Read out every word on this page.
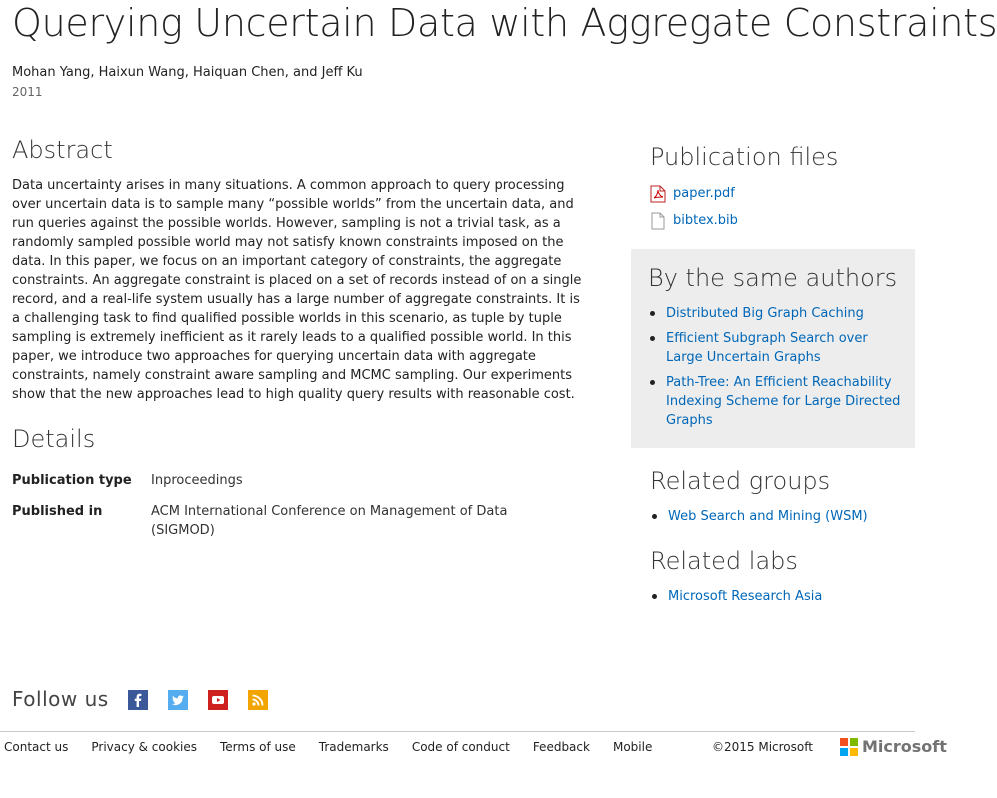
Querying Uncertain Data with Aggregate Constraints
Mohan Yang, Haixun Wang, Haiquan Chen, and Jeff Ku
2011
Abstract

Data uncertainty arises in many situations. A common approach to query processing over uncertain data is to sample many “possible worlds” from the uncertain data, and run queries against the possible worlds. However, sampling is not a trivial task, as a randomly sampled possible world may not satisfy known constraints imposed on the data. In this paper, we focus on an important category of constraints, the aggregate constraints. An aggregate constraint is placed on a set of records instead of on a single record, and a real-life system usually has a large number of aggregate constraints. It is a challenging task to find qualified possible worlds in this scenario, as tuple by tuple sampling is extremely inefficient as it rarely leads to a qualified possible world. In this paper, we introduce two approaches for querying uncertain data with aggregate constraints, namely constraint aware sampling and MCMC sampling. Our experiments show that the new approaches lead to high quality query results with reasonable cost.

Details
Publication type	Inproceedings
Published in	ACM International Conference on Management of Data (SIGMOD)
Publication files
paper.pdf
bibtex.bib
By the same authors
Distributed Big Graph Caching
Efficient Subgraph Search over Large Uncertain Graphs
Path-Tree: An Efficient Reachability Indexing Scheme for Large Directed Graphs
Related groups
Web Search and Mining (WSM)
Related labs
Microsoft Research Asia
Follow us
Contact us Privacy & cookies Terms of use Trademarks Code of conduct Feedback Mobile	©2015 Microsoft	Microsoft
